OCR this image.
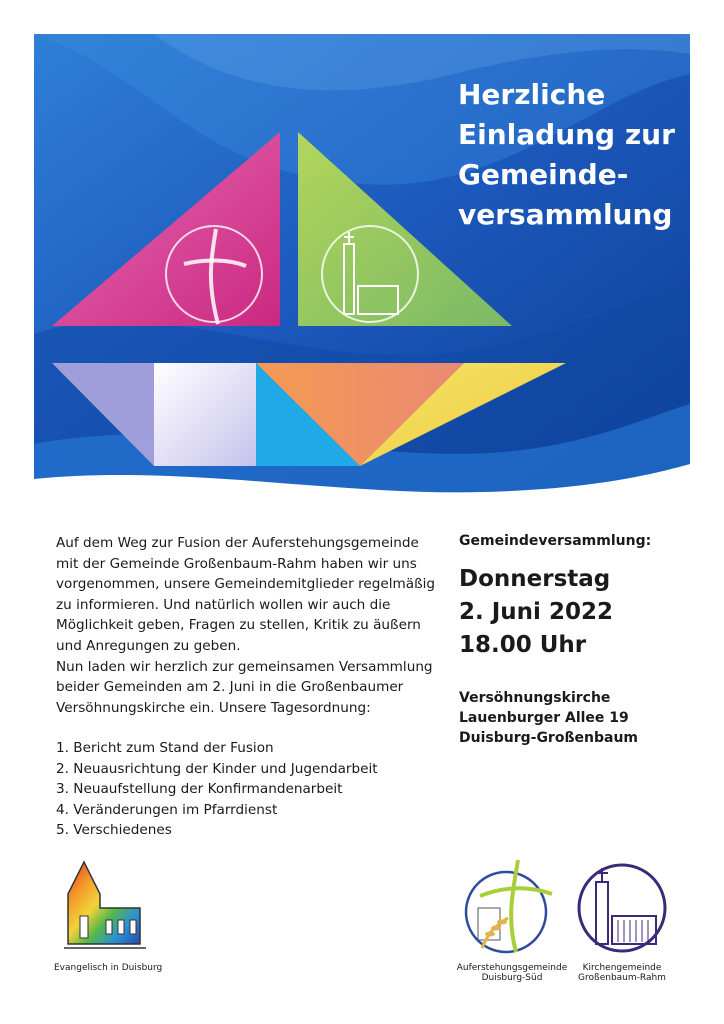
Herzliche
Einladung zur
Gemeinde-
versammlung

Auf dem Weg zur Fusion der Auferstehungsgemeinde

mit der Gemeinde Großenbaum-Rahm haben wir uns

vorgenommen, unsere Gemeindemitglieder regelmäßig

zu informieren. Und natürlich wollen wir auch die

Möglichkeit geben, Fragen zu stellen, Kritik zu äußern

und Anregungen zu geben.

Nun laden wir herzlich zur gemeinsamen Versammlung

beider Gemeinden am 2. Juni in die Großenbaumer

Versöhnungskirche ein. Unsere Tagesordnung:

1. Bericht zum Stand der Fusion
2. Neuausrichtung der Kinder und Jugendarbeit
3. Neuaufstellung der Konfirmandenarbeit
4. Veränderungen im Pfarrdienst
5. Verschiedenes

Gemeindeversammlung:

Donnerstag
2. Juni 2022
18.00 Uhr

Versöhnungskirche
Lauenburger Allee 19
Duisburg-Großenbaum

Evangelisch in Duisburg	Auferstehungsgemeinde
Duisburg-Süd
Kirchengemeinde
Großenbaum-Rahm
